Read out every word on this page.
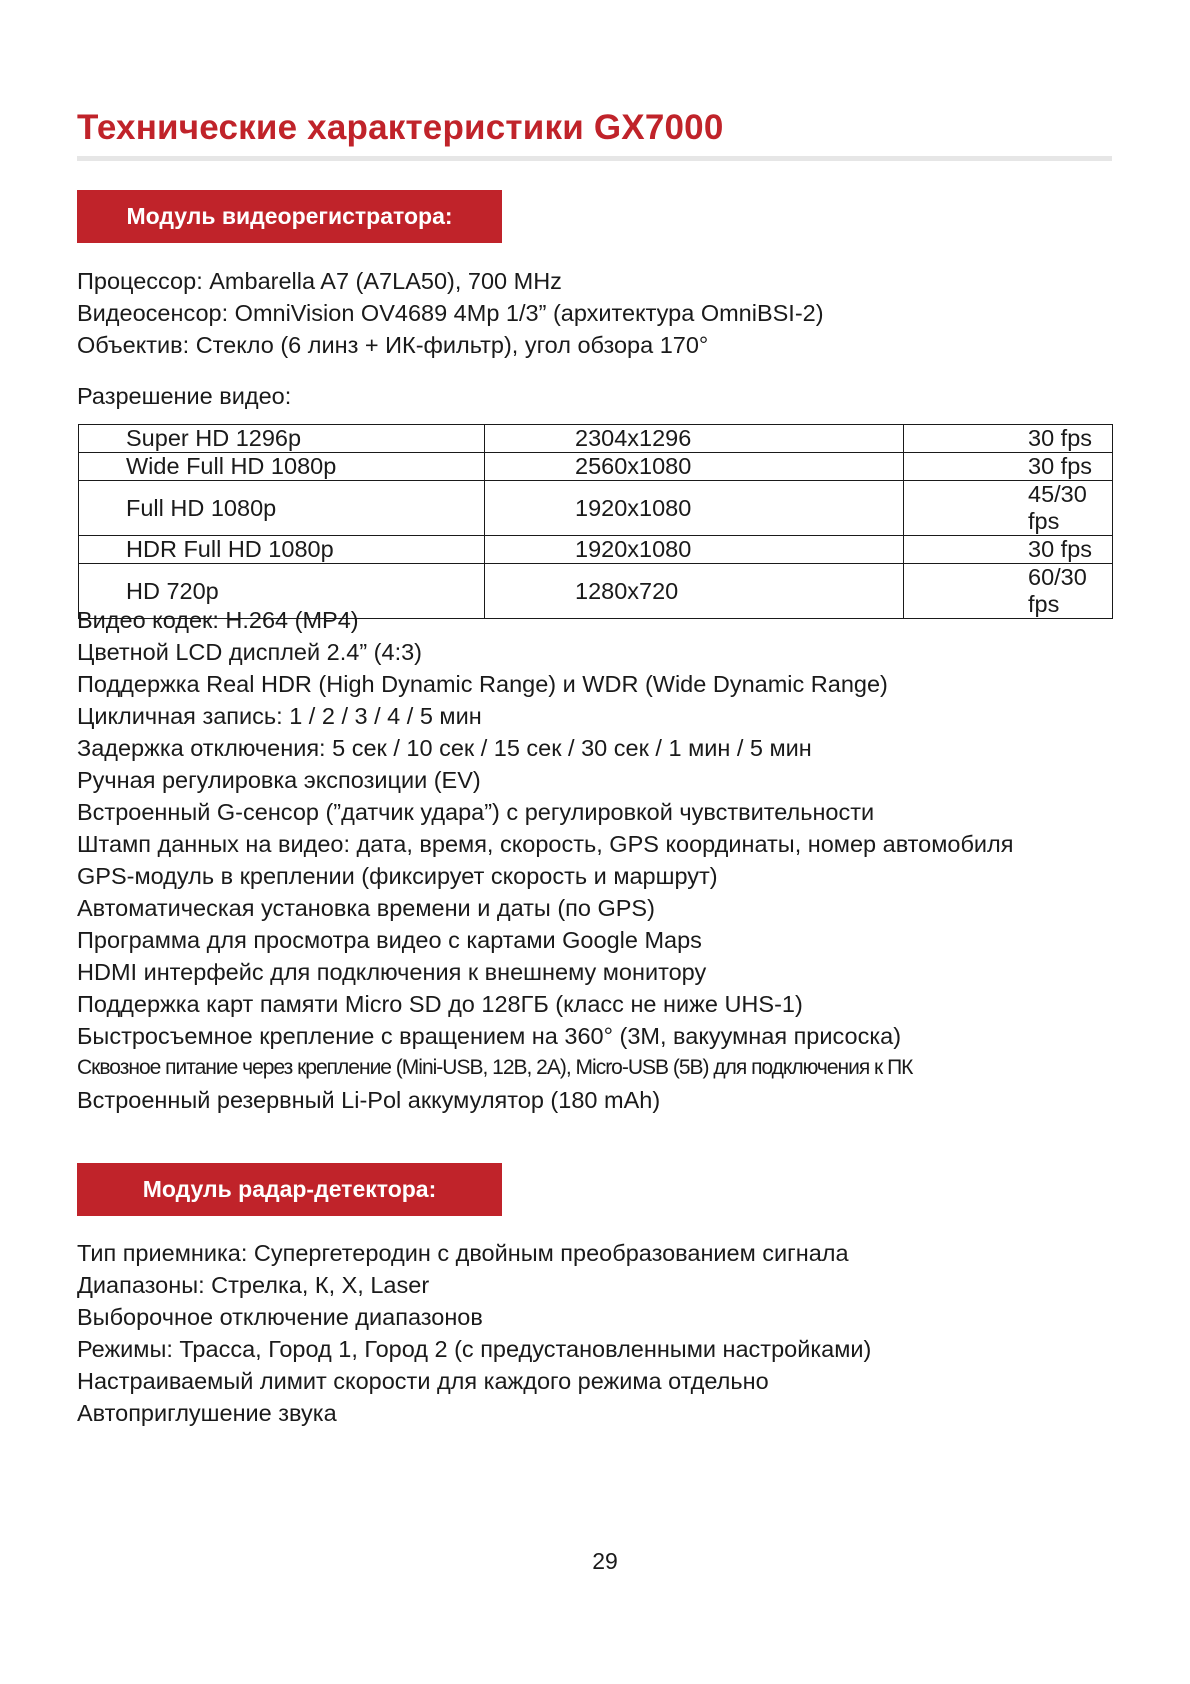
Технические характеристики GX7000
Модуль видеорегистратора:
Процессор: Ambarella A7 (A7LA50), 700 MHz
Видеосенсор: OmniVision OV4689 4Mp 1/3” (архитектура OmniBSI-2)
Объектив: Стекло (6 линз + ИК-фильтр), угол обзора 170°
Разрешение видео:
Super HD 1296p	2304x1296	30 fps
Wide Full HD 1080p	2560x1080	30 fps
Full HD 1080p	1920x1080	45/30 fps
HDR Full HD 1080p	1920x1080	30 fps
HD 720p	1280x720	60/30 fps
Видео кодек: H.264 (MP4)
Цветной LCD дисплей 2.4” (4:3)
Поддержка Real HDR (High Dynamic Range) и WDR (Wide Dynamic Range)
Цикличная запись: 1 / 2 / 3 / 4 / 5 мин
Задержка отключения: 5 сек / 10 сек / 15 сек / 30 сек / 1 мин / 5 мин
Ручная регулировка экспозиции (EV)
Встроенный G-сенсор (”датчик удара”) с регулировкой чувствительности
Штамп данных на видео: дата, время, скорость, GPS координаты, номер автомобиля
GPS-модуль в креплении (фиксирует скорость и маршрут)
Автоматическая установка времени и даты (по GPS)
Программа для просмотра видео с картами Google Maps
HDMI интерфейс для подключения к внешнему монитору
Поддержка карт памяти Micro SD до 128ГБ (класс не ниже UHS-1)
Быстросъемное крепление с вращением на 360° (3M, вакуумная присоска)
Сквозное питание через крепление (Mini-USB, 12В, 2А), Micro-USB (5В) для подключения к ПК
Встроенный резервный Li-Pol аккумулятор (180 mAh)
Модуль радар-детектора:
Тип приемника: Супергетеродин с двойным преобразованием сигнала
Диапазоны: Стрелка, К, Х, Laser
Выборочное отключение диапазонов
Режимы: Трасса, Город 1, Город 2 (с предустановленными настройками)
Настраиваемый лимит скорости для каждого режима отдельно
Автоприглушение звука
29
